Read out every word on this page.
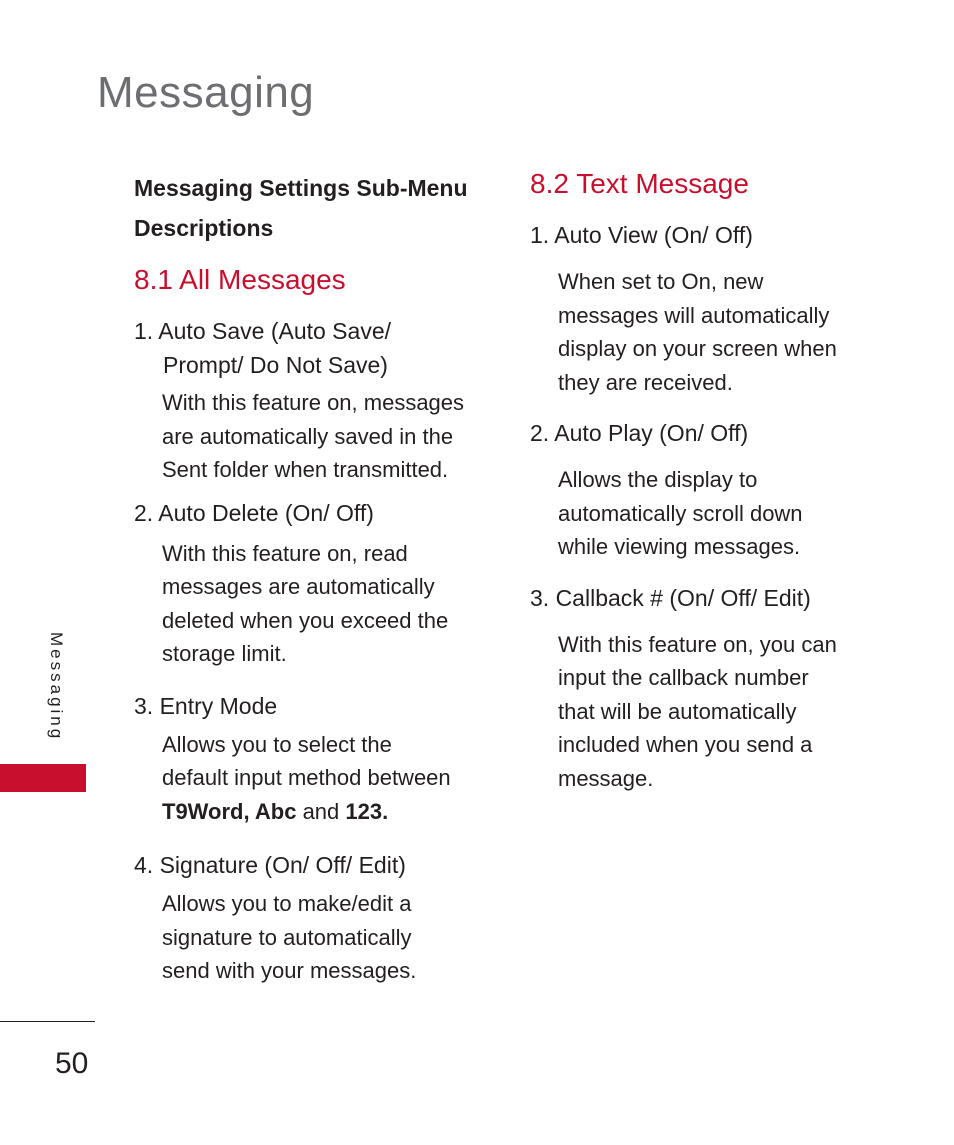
Messaging

Messaging Settings Sub-Menu
Descriptions

8.1 All Messages

1. Auto Save (Auto Save/
Prompt/ Do Not Save)

With this feature on, messages
are automatically saved in the
Sent folder when transmitted.

2. Auto Delete (On/ Off)

With this feature on, read
messages are automatically
deleted when you exceed the
storage limit.

3. Entry Mode

Allows you to select the
default input method between
T9Word, Abc and 123.

4. Signature (On/ Off/ Edit)

Allows you to make/edit a
signature to automatically
send with your messages.

8.2 Text Message

1. Auto View (On/ Off)

When set to On, new
messages will automatically
display on your screen when
they are received.

2. Auto Play (On/ Off)

Allows the display to
automatically scroll down
while viewing messages.

3. Callback # (On/ Off/ Edit)

With this feature on, you can
input the callback number
that will be automatically
included when you send a
message.

Messaging
50
